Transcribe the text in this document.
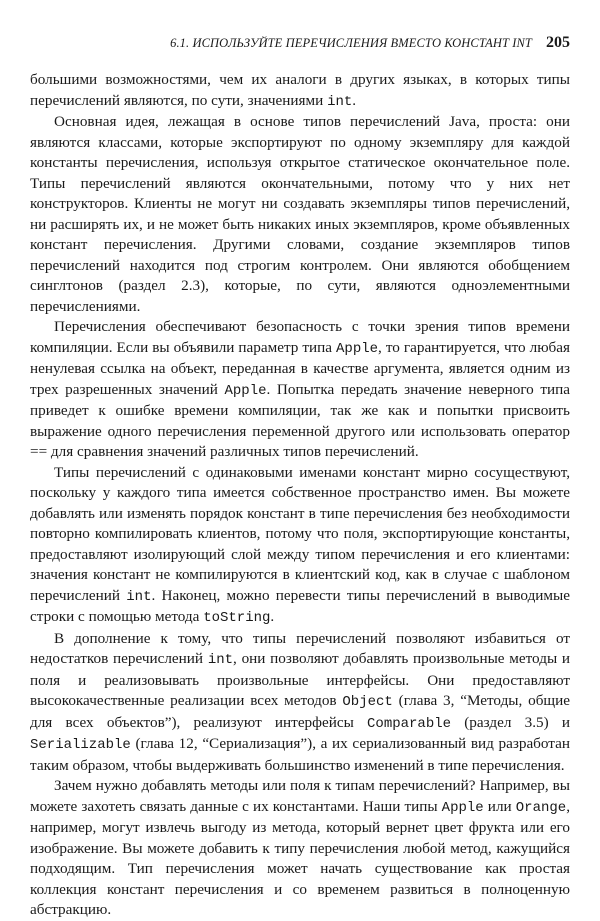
6.1. ИСПОЛЬЗУЙТЕ ПЕРЕЧИСЛЕНИЯ ВМЕСТО КОНСТАНТ INT 205

большими возможностями, чем их аналоги в других языках, в которых типы перечислений являются, по сути, значениями int.

Основная идея, лежащая в основе типов перечислений Java, проста: они являются классами, которые экспортируют по одному экземпляру для каждой константы перечисления, используя открытое статическое окончательное поле. Типы перечислений являются окончательными, потому что у них нет конструкторов. Клиенты не могут ни создавать экземпляры типов перечислений, ни расширять их, и не может быть никаких иных экземпляров, кроме объявленных констант перечисления. Другими словами, создание экземпляров типов перечислений находится под строгим контролем. Они являются обобщением синглтонов (раздел 2.3), которые, по сути, являются одноэлементными перечислениями.

Перечисления обеспечивают безопасность с точки зрения типов времени компиляции. Если вы объявили параметр типа Apple, то гарантируется, что любая ненулевая ссылка на объект, переданная в качестве аргумента, является одним из трех разрешенных значений Apple. Попытка передать значение неверного типа приведет к ошибке времени компиляции, так же как и попытки присвоить выражение одного перечисления переменной другого или использовать оператор == для сравнения значений различных типов перечислений.

Типы перечислений с одинаковыми именами констант мирно сосуществуют, поскольку у каждого типа имеется собственное пространство имен. Вы можете добавлять или изменять порядок констант в типе перечисления без необходимости повторно компилировать клиентов, потому что поля, экспортирующие константы, предоставляют изолирующий слой между типом перечисления и его клиентами: значения констант не компилируются в клиентский код, как в случае с шаблоном перечислений int. Наконец, можно перевести типы перечислений в выводимые строки с помощью метода toString.

В дополнение к тому, что типы перечислений позволяют избавиться от недостатков перечислений int, они позволяют добавлять произвольные методы и поля и реализовывать произвольные интерфейсы. Они предоставляют высококачественные реализации всех методов Object (глава 3, “Методы, общие для всех объектов”), реализуют интерфейсы Comparable (раздел 3.5) и Serializable (глава 12, “Сериализация”), а их сериализованный вид разработан таким образом, чтобы выдерживать большинство изменений в типе перечисления.

Зачем нужно добавлять методы или поля к типам перечислений? Например, вы можете захотеть связать данные с их константами. Наши типы Apple или Orange, например, могут извлечь выгоду из метода, который вернет цвет фрукта или его изображение. Вы можете добавить к типу перечисления любой метод, кажущийся подходящим. Тип перечисления может начать существование как простая коллекция констант перечисления и со временем развиться в полноценную абстракцию.
